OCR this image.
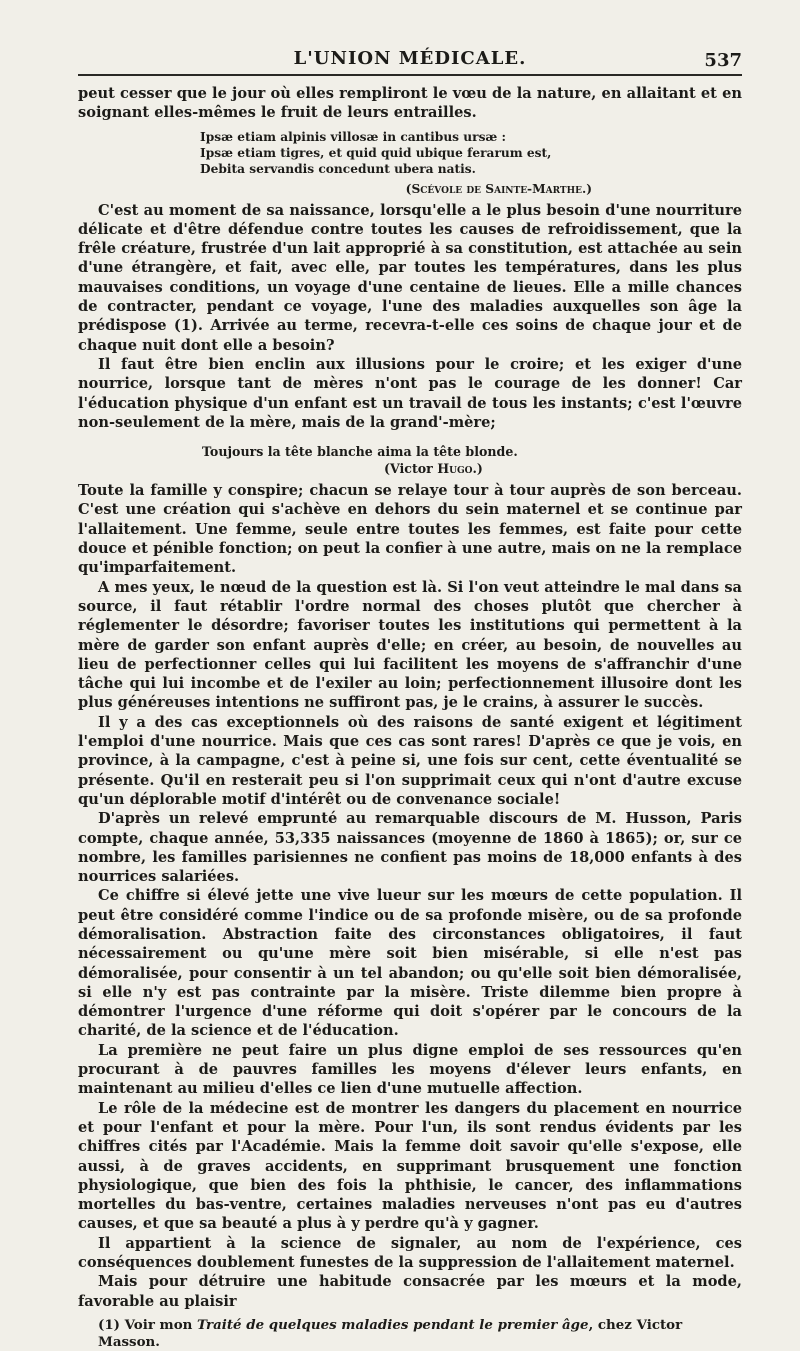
L'UNION MÉDICALE.	537

peut cesser que le jour où elles rempliront le vœu de la nature, en allaitant et en soignant elles-mêmes le fruit de leurs entrailles.

Ipsæ etiam alpinis villosæ in cantibus ursæ :
Ipsæ etiam tigres, et quid quid ubique ferarum est,
Debita servandis concedunt ubera natis.
(Scévole de Sainte-Marthe.)

C'est au moment de sa naissance, lorsqu'elle a le plus besoin d'une nourriture délicate et d'être défendue contre toutes les causes de refroidissement, que la frêle créature, frustrée d'un lait approprié à sa constitution, est attachée au sein d'une étrangère, et fait, avec elle, par toutes les températures, dans les plus mauvaises conditions, un voyage d'une centaine de lieues. Elle a mille chances de contracter, pendant ce voyage, l'une des maladies auxquelles son âge la prédispose (1). Arrivée au terme, recevra-t-elle ces soins de chaque jour et de chaque nuit dont elle a besoin?

Il faut être bien enclin aux illusions pour le croire; et les exiger d'une nourrice, lorsque tant de mères n'ont pas le courage de les donner! Car l'éducation physique d'un enfant est un travail de tous les instants; c'est l'œuvre non-seulement de la mère, mais de la grand'-mère;

Toujours la tête blanche aima la tête blonde.
(Victor Hugo.)

Toute la famille y conspire; chacun se relaye tour à tour auprès de son berceau. C'est une création qui s'achève en dehors du sein maternel et se continue par l'allaitement. Une femme, seule entre toutes les femmes, est faite pour cette douce et pénible fonction; on peut la confier à une autre, mais on ne la remplace qu'imparfaitement.

A mes yeux, le nœud de la question est là. Si l'on veut atteindre le mal dans sa source, il faut rétablir l'ordre normal des choses plutôt que chercher à réglementer le désordre; favoriser toutes les institutions qui permettent à la mère de garder son enfant auprès d'elle; en créer, au besoin, de nouvelles au lieu de perfectionner celles qui lui facilitent les moyens de s'affranchir d'une tâche qui lui incombe et de l'exiler au loin; perfectionnement illusoire dont les plus généreuses intentions ne suffiront pas, je le crains, à assurer le succès.

Il y a des cas exceptionnels où des raisons de santé exigent et légitiment l'emploi d'une nourrice. Mais que ces cas sont rares! D'après ce que je vois, en province, à la campagne, c'est à peine si, une fois sur cent, cette éventualité se présente. Qu'il en resterait peu si l'on supprimait ceux qui n'ont d'autre excuse qu'un déplorable motif d'intérêt ou de convenance sociale!

D'après un relevé emprunté au remarquable discours de M. Husson, Paris compte, chaque année, 53,335 naissances (moyenne de 1860 à 1865); or, sur ce nombre, les familles parisiennes ne confient pas moins de 18,000 enfants à des nourrices salariées.

Ce chiffre si élevé jette une vive lueur sur les mœurs de cette population. Il peut être considéré comme l'indice ou de sa profonde misère, ou de sa profonde démoralisation. Abstraction faite des circonstances obligatoires, il faut nécessairement ou qu'une mère soit bien misérable, si elle n'est pas démoralisée, pour consentir à un tel abandon; ou qu'elle soit bien démoralisée, si elle n'y est pas contrainte par la misère. Triste dilemme bien propre à démontrer l'urgence d'une réforme qui doit s'opérer par le concours de la charité, de la science et de l'éducation.

La première ne peut faire un plus digne emploi de ses ressources qu'en procurant à de pauvres familles les moyens d'élever leurs enfants, en maintenant au milieu d'elles ce lien d'une mutuelle affection.

Le rôle de la médecine est de montrer les dangers du placement en nourrice et pour l'enfant et pour la mère. Pour l'un, ils sont rendus évidents par les chiffres cités par l'Académie. Mais la femme doit savoir qu'elle s'expose, elle aussi, à de graves accidents, en supprimant brusquement une fonction physiologique, que bien des fois la phthisie, le cancer, des inflammations mortelles du bas-ventre, certaines maladies nerveuses n'ont pas eu d'autres causes, et que sa beauté a plus à y perdre qu'à y gagner.

Il appartient à la science de signaler, au nom de l'expérience, ces conséquences doublement funestes de la suppression de l'allaitement maternel.

Mais pour détruire une habitude consacrée par les mœurs et la mode, favorable au plaisir

(1) Voir mon Traité de quelques maladies pendant le premier âge, chez Victor Masson.
